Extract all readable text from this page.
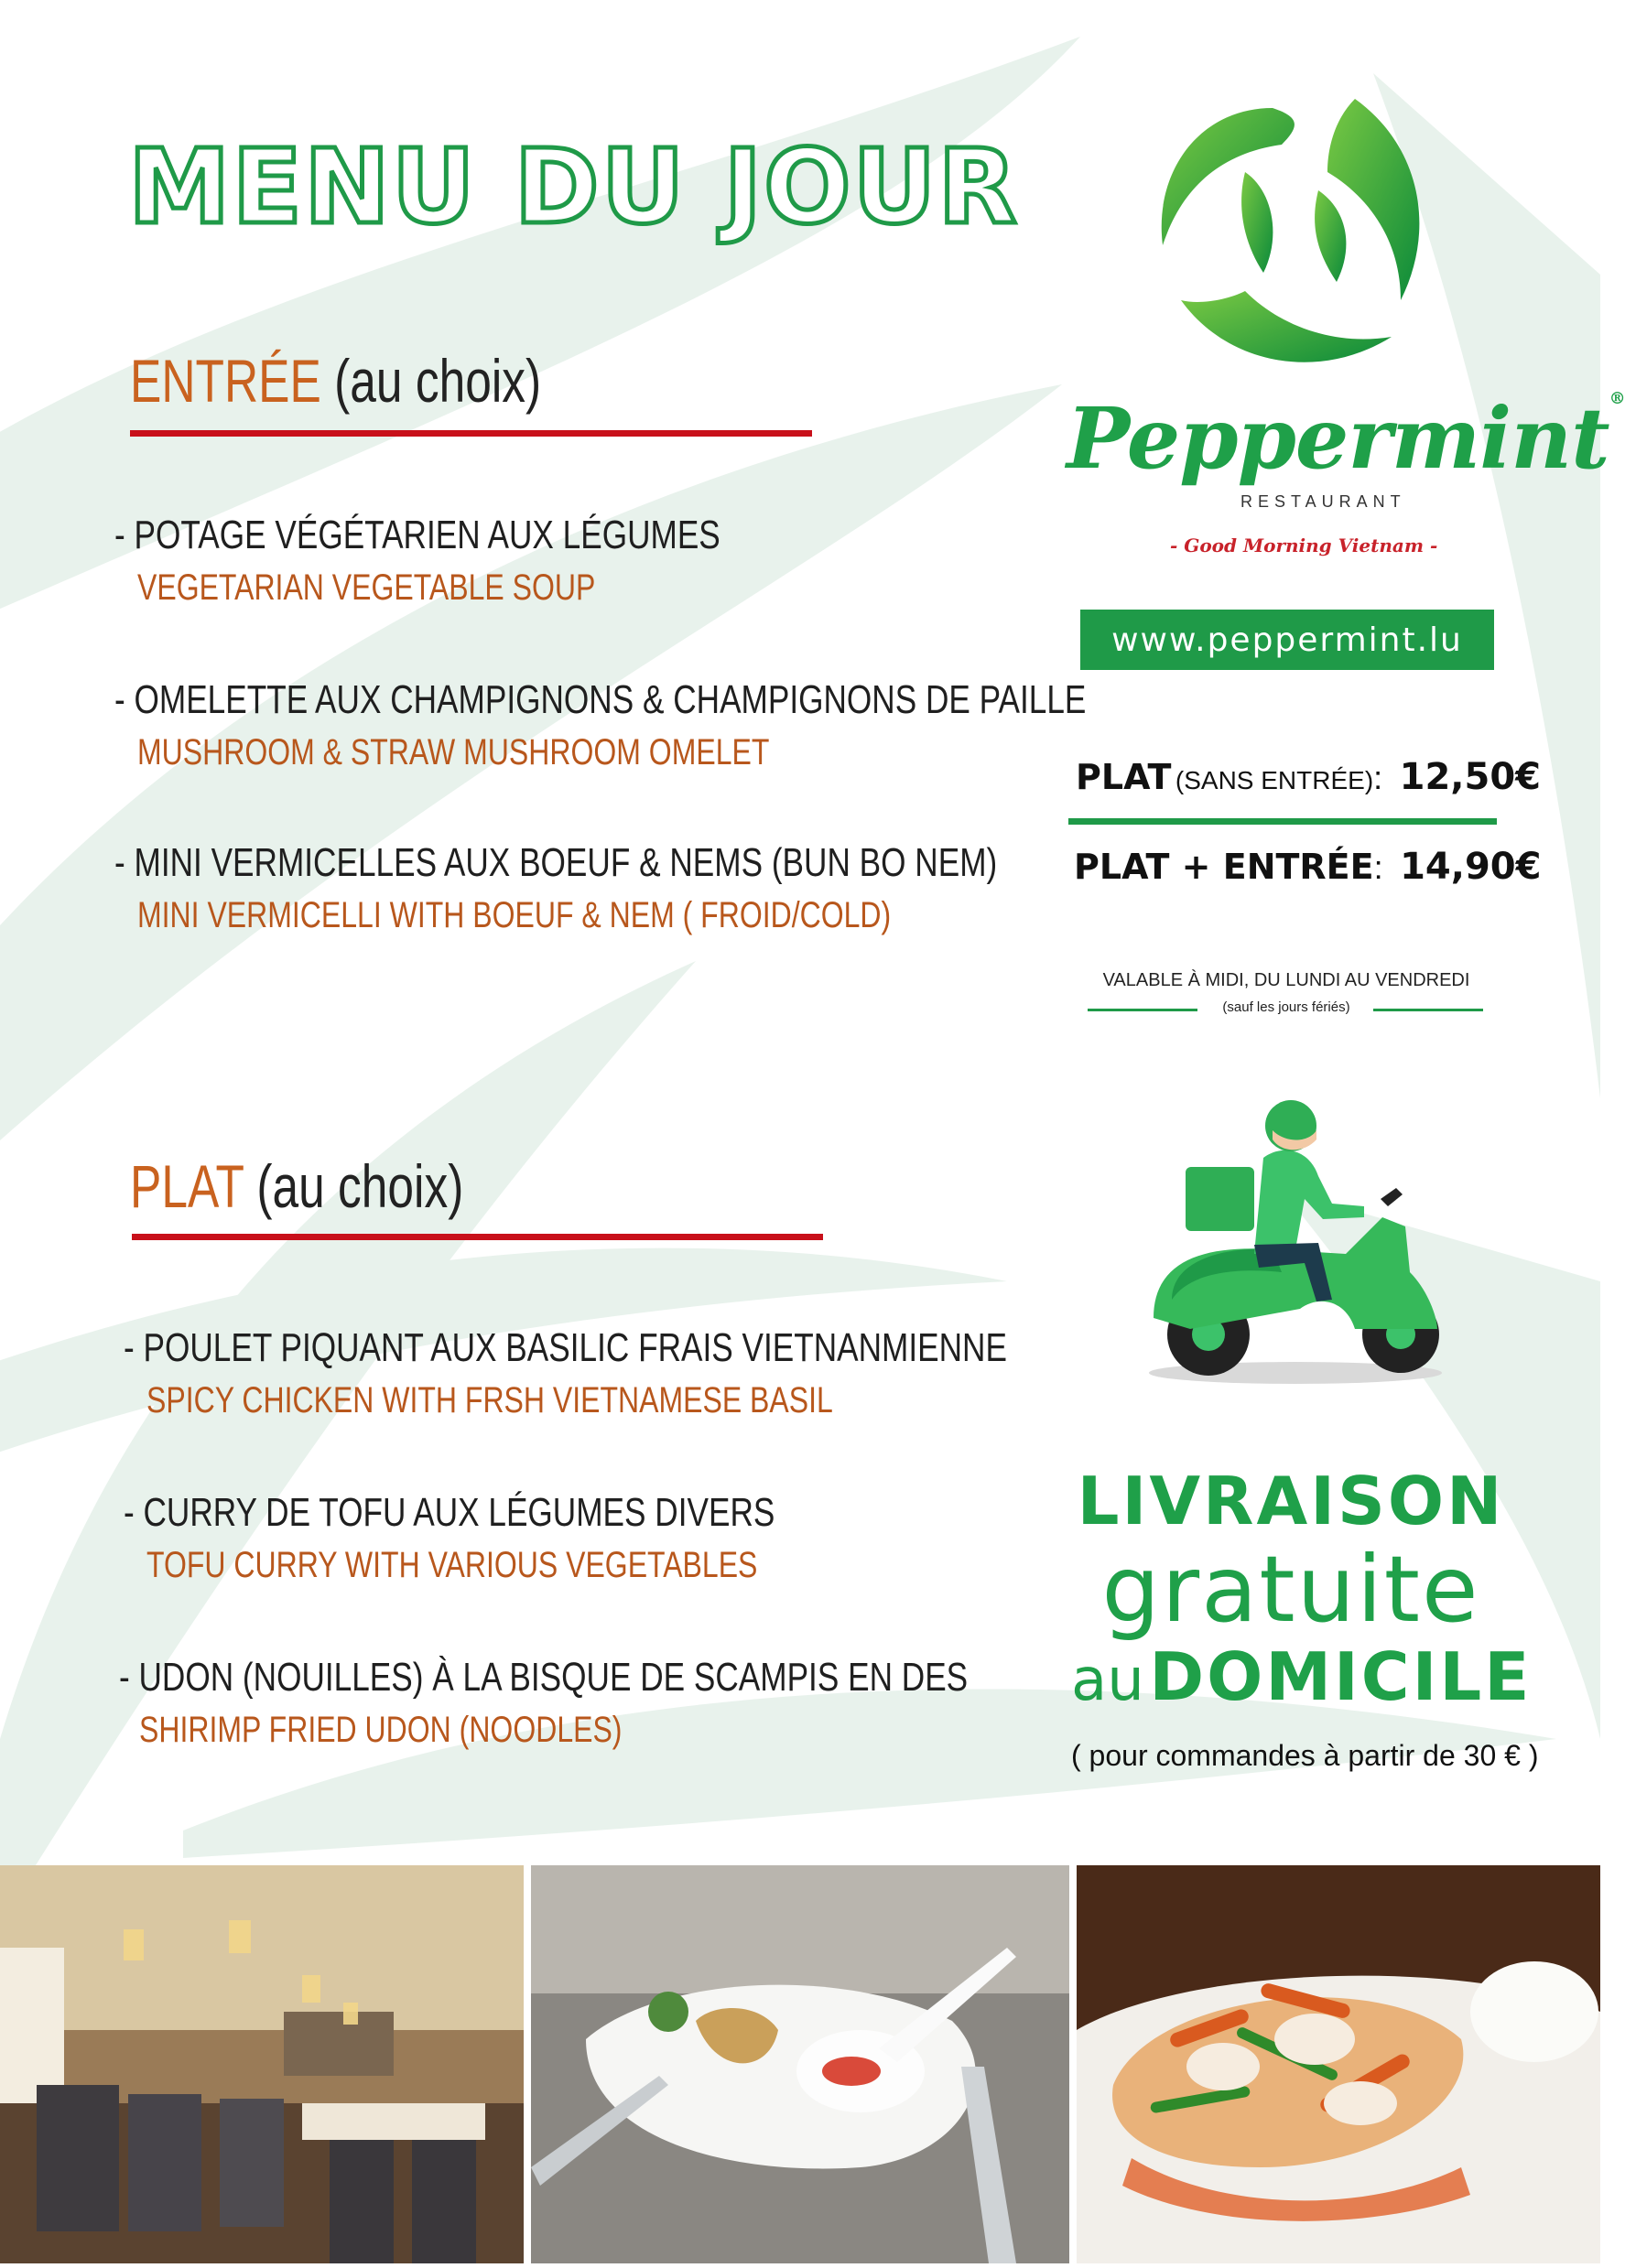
MENU DU JOUR
ENTRÉE (au choix)
- POTAGE VÉGÉTARIEN AUX LÉGUMES
VEGETARIAN VEGETABLE SOUP
- OMELETTE AUX CHAMPIGNONS & CHAMPIGNONS DE PAILLE
MUSHROOM & STRAW MUSHROOM OMELET
- MINI VERMICELLES AUX BOEUF & NEMS (BUN BO NEM)
MINI VERMICELLI WITH BOEUF & NEM ( FROID/COLD)
PLAT (au choix)
- POULET PIQUANT AUX BASILIC FRAIS VIETNANMIENNE
SPICY CHICKEN WITH FRSH VIETNAMESE BASIL
- CURRY DE TOFU AUX LÉGUMES DIVERS
TOFU CURRY WITH VARIOUS VEGETABLES
- UDON (NOUILLES) À LA BISQUE DE SCAMPIS EN DES
SHIRIMP FRIED UDON (NOODLES)
Peppermint®
RESTAURANT
- Good Morning Vietnam -
www.peppermint.lu
PLAT (SANS ENTRÉE): 12,50€
PLAT + ENTRÉE: 14,90€
VALABLE À MIDI, DU LUNDI AU VENDREDI
(sauf les jours fériés)
LIVRAISON
gratuite
au DOMICILE
( pour commandes à partir de 30 € )
